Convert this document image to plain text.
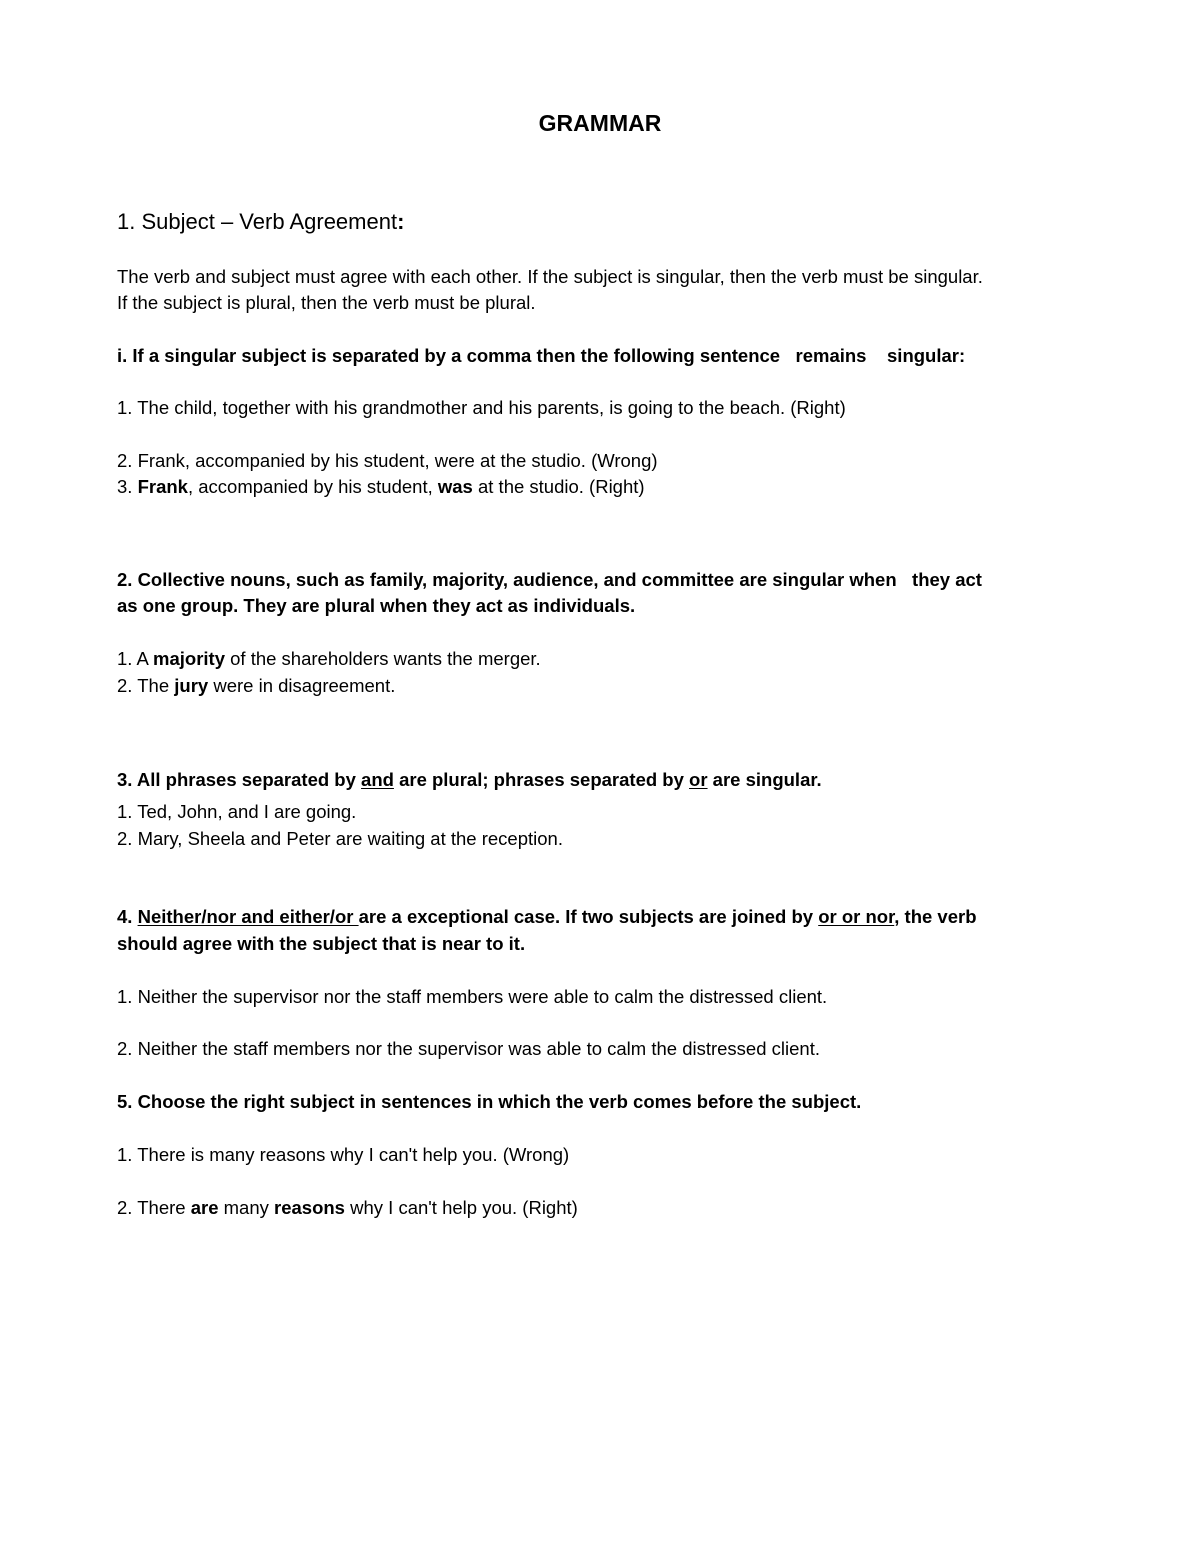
GRAMMAR
1. Subject – Verb Agreement:
The verb and subject must agree with each other. If the subject is singular, then the verb must be singular.
If the subject is plural, then the verb must be plural.
i. If a singular subject is separated by a comma then the following sentence   remains    singular:
1. The child, together with his grandmother and his parents, is going to the beach. (Right)
2. Frank, accompanied by his student, were at the studio. (Wrong)
3. Frank, accompanied by his student, was at the studio. (Right)
2. Collective nouns, such as family, majority, audience, and committee are singular when   they act
as one group. They are plural when they act as individuals.
1. A majority of the shareholders wants the merger.
2. The jury were in disagreement.
3. All phrases separated by and are plural; phrases separated by or are singular.
1. Ted, John, and I are going.
2. Mary, Sheela and Peter are waiting at the reception.
4. Neither/nor and either/or are a exceptional case. If two subjects are joined by or or nor, the verb
should agree with the subject that is near to it.
1. Neither the supervisor nor the staff members were able to calm the distressed client.
2. Neither the staff members nor the supervisor was able to calm the distressed client.
5. Choose the right subject in sentences in which the verb comes before the subject.
1. There is many reasons why I can't help you. (Wrong)
2. There are many reasons why I can't help you. (Right)
